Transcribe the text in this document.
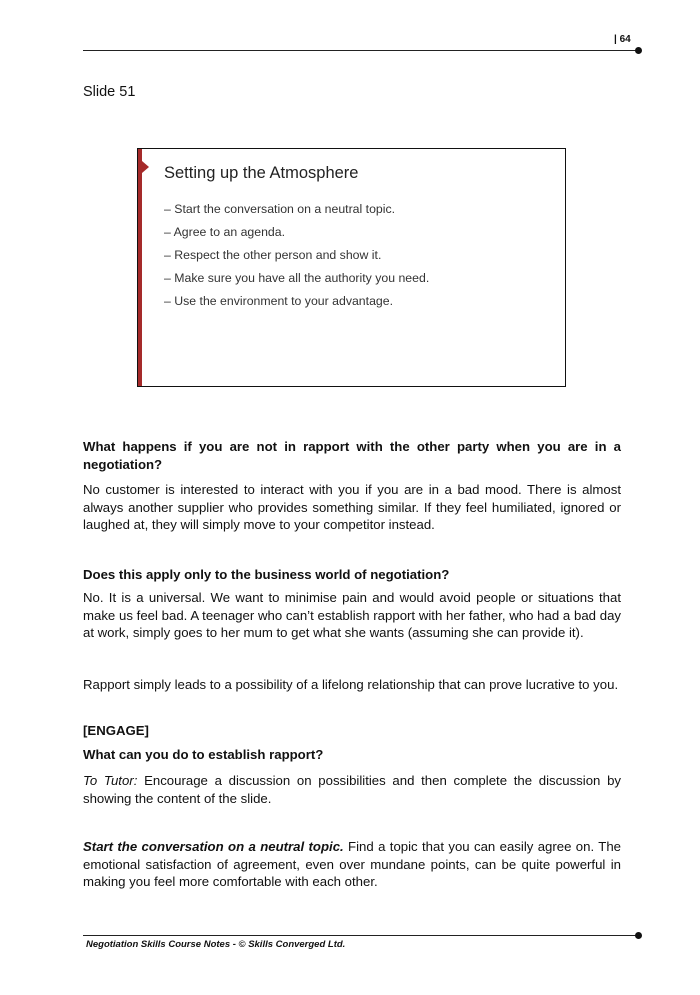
| 64
Slide 51
Setting up the Atmosphere
– Start the conversation on a neutral topic.
– Agree to an agenda.
– Respect the other person and show it.
– Make sure you have all the authority you need.
– Use the environment to your advantage.

What happens if you are not in rapport with the other party when you are in a negotiation?

No customer is interested to interact with you if you are in a bad mood. There is almost always another supplier who provides something similar. If they feel humiliated, ignored or laughed at, they will simply move to your competitor instead.

Does this apply only to the business world of negotiation?

No. It is a universal. We want to minimise pain and would avoid people or situations that make us feel bad. A teenager who can’t establish rapport with her father, who had a bad day at work, simply goes to her mum to get what she wants (assuming she can provide it).

Rapport simply leads to a possibility of a lifelong relationship that can prove lucrative to you.

[ENGAGE]

What can you do to establish rapport?

To Tutor: Encourage a discussion on possibilities and then complete the discussion by showing the content of the slide.

Start the conversation on a neutral topic. Find a topic that you can easily agree on. The emotional satisfaction of agreement, even over mundane points, can be quite powerful in making you feel more comfortable with each other.

Negotiation Skills Course Notes - © Skills Converged Ltd.
